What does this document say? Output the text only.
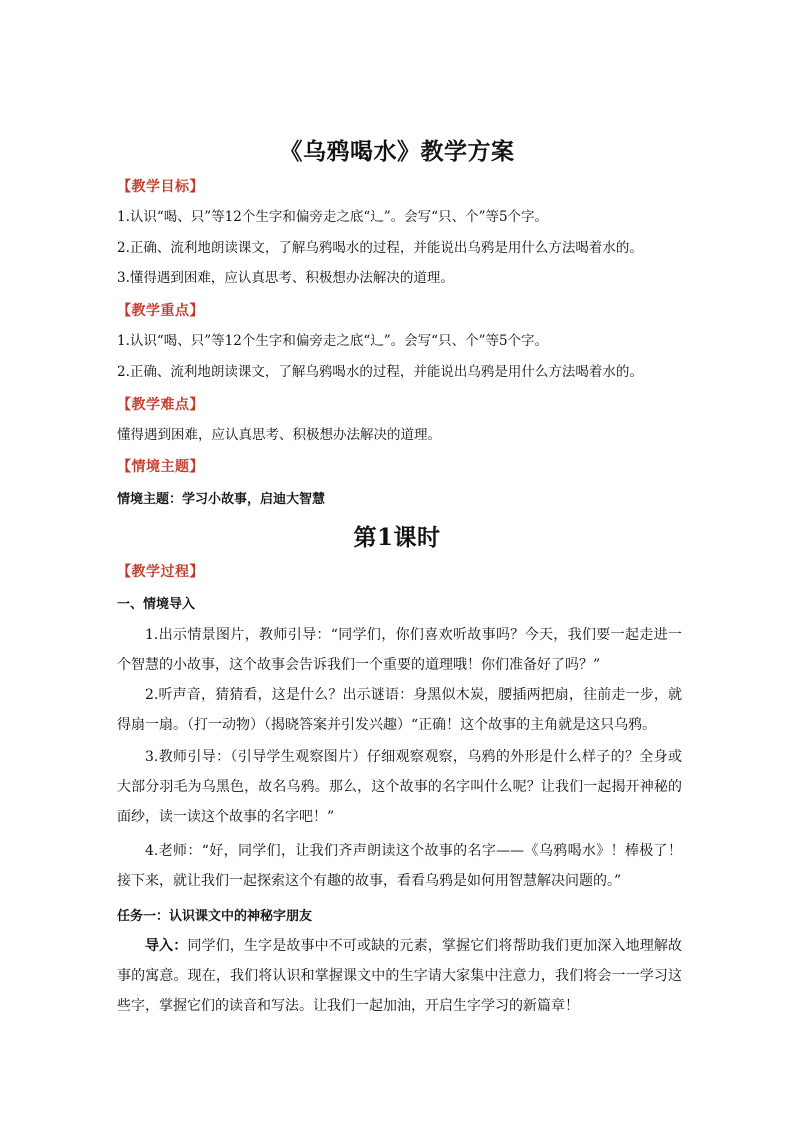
《乌鸦喝水》教学方案
【教学目标】
1.认识“喝、只”等12个生字和偏旁走之底“辶”。会写“只、个”等5个字。
2.正确、流利地朗读课文，了解乌鸦喝水的过程，并能说出乌鸦是用什么方法喝着水的。
3.懂得遇到困难，应认真思考、积极想办法解决的道理。
【教学重点】
1.认识“喝、只”等12个生字和偏旁走之底“辶”。会写“只、个”等5个字。
2.正确、流利地朗读课文，了解乌鸦喝水的过程，并能说出乌鸦是用什么方法喝着水的。
【教学难点】
懂得遇到困难，应认真思考、积极想办法解决的道理。
【情境主题】
情境主题：学习小故事，启迪大智慧
第1课时
【教学过程】
一、情境导入
1.出示情景图片，教师引导：“同学们，你们喜欢听故事吗？今天，我们要一起走进一个智慧的小故事，这个故事会告诉我们一个重要的道理哦！你们准备好了吗？”
2.听声音，猜猜看，这是什么？出示谜语：身黑似木炭，腰插两把扇，往前走一步，就得扇一扇。（打一动物）（揭晓答案并引发兴趣）“正确！这个故事的主角就是这只乌鸦。
3.教师引导：（引导学生观察图片）仔细观察观察，乌鸦的外形是什么样子的？全身或大部分羽毛为乌黑色，故名乌鸦。那么，这个故事的名字叫什么呢？让我们一起揭开神秘的面纱，读一读这个故事的名字吧！”
4.老师：“好，同学们，让我们齐声朗读这个故事的名字——《乌鸦喝水》！棒极了！接下来，就让我们一起探索这个有趣的故事，看看乌鸦是如何用智慧解决问题的。”
任务一：认识课文中的神秘字朋友
导入：同学们，生字是故事中不可或缺的元素，掌握它们将帮助我们更加深入地理解故事的寓意。现在，我们将认识和掌握课文中的生字请大家集中注意力，我们将会一一学习这些字，掌握它们的读音和写法。让我们一起加油，开启生字学习的新篇章！
